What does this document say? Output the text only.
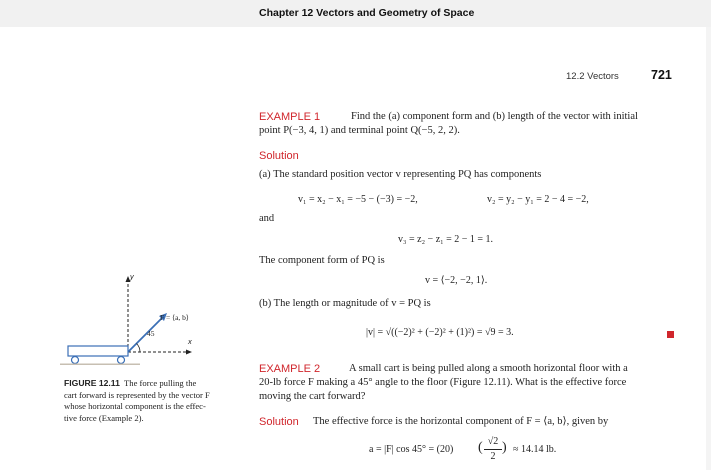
Chapter 12 Vectors and Geometry of Space
12.2 Vectors	721
EXAMPLE 1	Find the (a) component form and (b) length of the vector with initial
point P(−3, 4, 1) and terminal point Q(−5, 2, 2).
Solution
(a) The standard position vector v representing PQ has components
v₁ = x₂ − x₁ = −5 − (−3) = −2,	v₂ = y₂ − y₁ = 2 − 4 = −2,
and
v₃ = z₂ − z₁ = 2 − 1 = 1.
The component form of PQ is
v = ⟨−2, −2, 1⟩.
(b) The length or magnitude of v = PQ is
|v| = √((−2)² + (−2)² + (1)²) = √9 = 3.
y
x
F = ⟨a, b⟩
45
FIGURE 12.11 The force pulling the
cart forward is represented by the vector F
whose horizontal component is the effec-
tive force (Example 2).
EXAMPLE 2	A small cart is being pulled along a smooth horizontal floor with a
20-lb force F making a 45° angle to the floor (Figure 12.11). What is the effective force
moving the cart forward?
Solution The effective force is the horizontal component of F = ⟨a, b⟩, given by
a = |F| cos 45° = (20) ( √2
2
) ≈ 14.14 lb.
